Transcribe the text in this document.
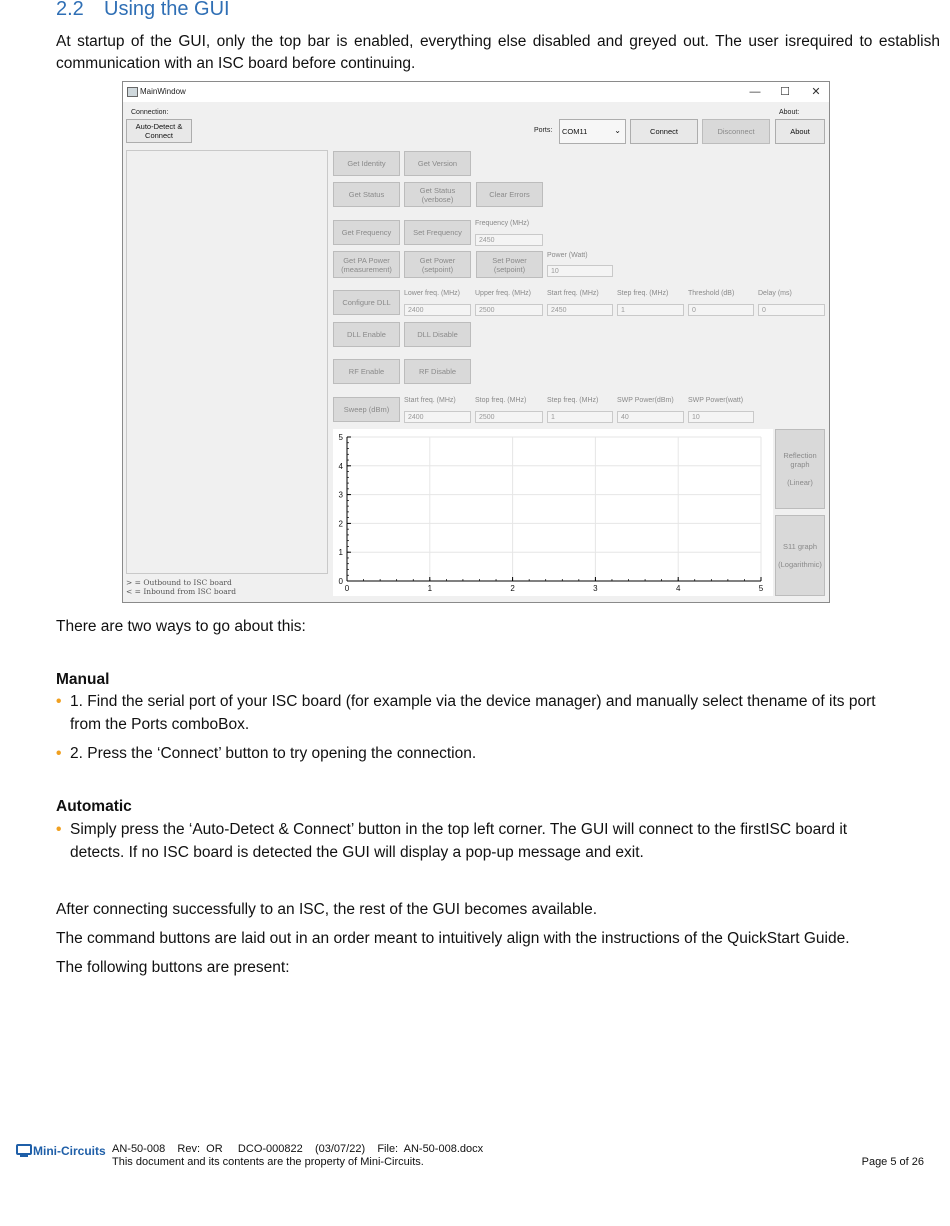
2.2 Using the GUI
At startup of the GUI, only the top bar is enabled, everything else disabled and greyed out. The user isrequired to establish communication with an ISC board before continuing.
MainWindow	—	☐	✕
Connection:	About:
Auto-Detect & Connect
Ports: COM11	⌄	Connect	Disconnect	About
> = Outbound to ISC board
< = Inbound from ISC board
Get Identity	Get Version
Get Status	Get Status (verbose)	Clear Errors
Get Frequency	Set Frequency
Frequency (MHz)
2450
Get PA Power (measurement)
Get Power (setpoint)
Set Power (setpoint)
Power (Watt)
10
Configure DLL
Lower freq. (MHz) Upper freq. (MHz) Start freq. (MHz)	Step freq. (MHz)	Threshold (dB)	Delay (ms)
2400	2500	2450	1	0	0
DLL Enable	DLL Disable
RF Enable	RF Disable
Sweep (dBm)
Start freq. (MHz)	Stop freq. (MHz)	Step freq. (MHz)	SWP Power(dBm) SWP Power(watt)
2400	2500	1	40	10
Reflection graph

(Linear)
S11 graph

(Logarithmic)
0	1	2	3	4	5
0
1
2
3
4
5
There are two ways to go about this:
Manual
• 1. Find the serial port of your ISC board (for example via the device manager) and manually select thename of its port from the Ports comboBox.
• 2. Press the ‘Connect’ button to try opening the connection.
Automatic
• Simply press the ‘Auto-Detect & Connect’ button in the top left corner. The GUI will connect to the firstISC board it detects. If no ISC board is detected the GUI will display a pop-up message and exit.
After connecting successfully to an ISC, the rest of the GUI becomes available.
The command buttons are laid out in an order meant to intuitively align with the instructions of the QuickStart Guide.
The following buttons are present:
Mini-Circuits AN-50-008    Rev:  OR     DCO-000822    (03/07/22)    File:  AN-50-008.docx
This document and its contents are the property of Mini-Circuits.	Page 5 of 26
